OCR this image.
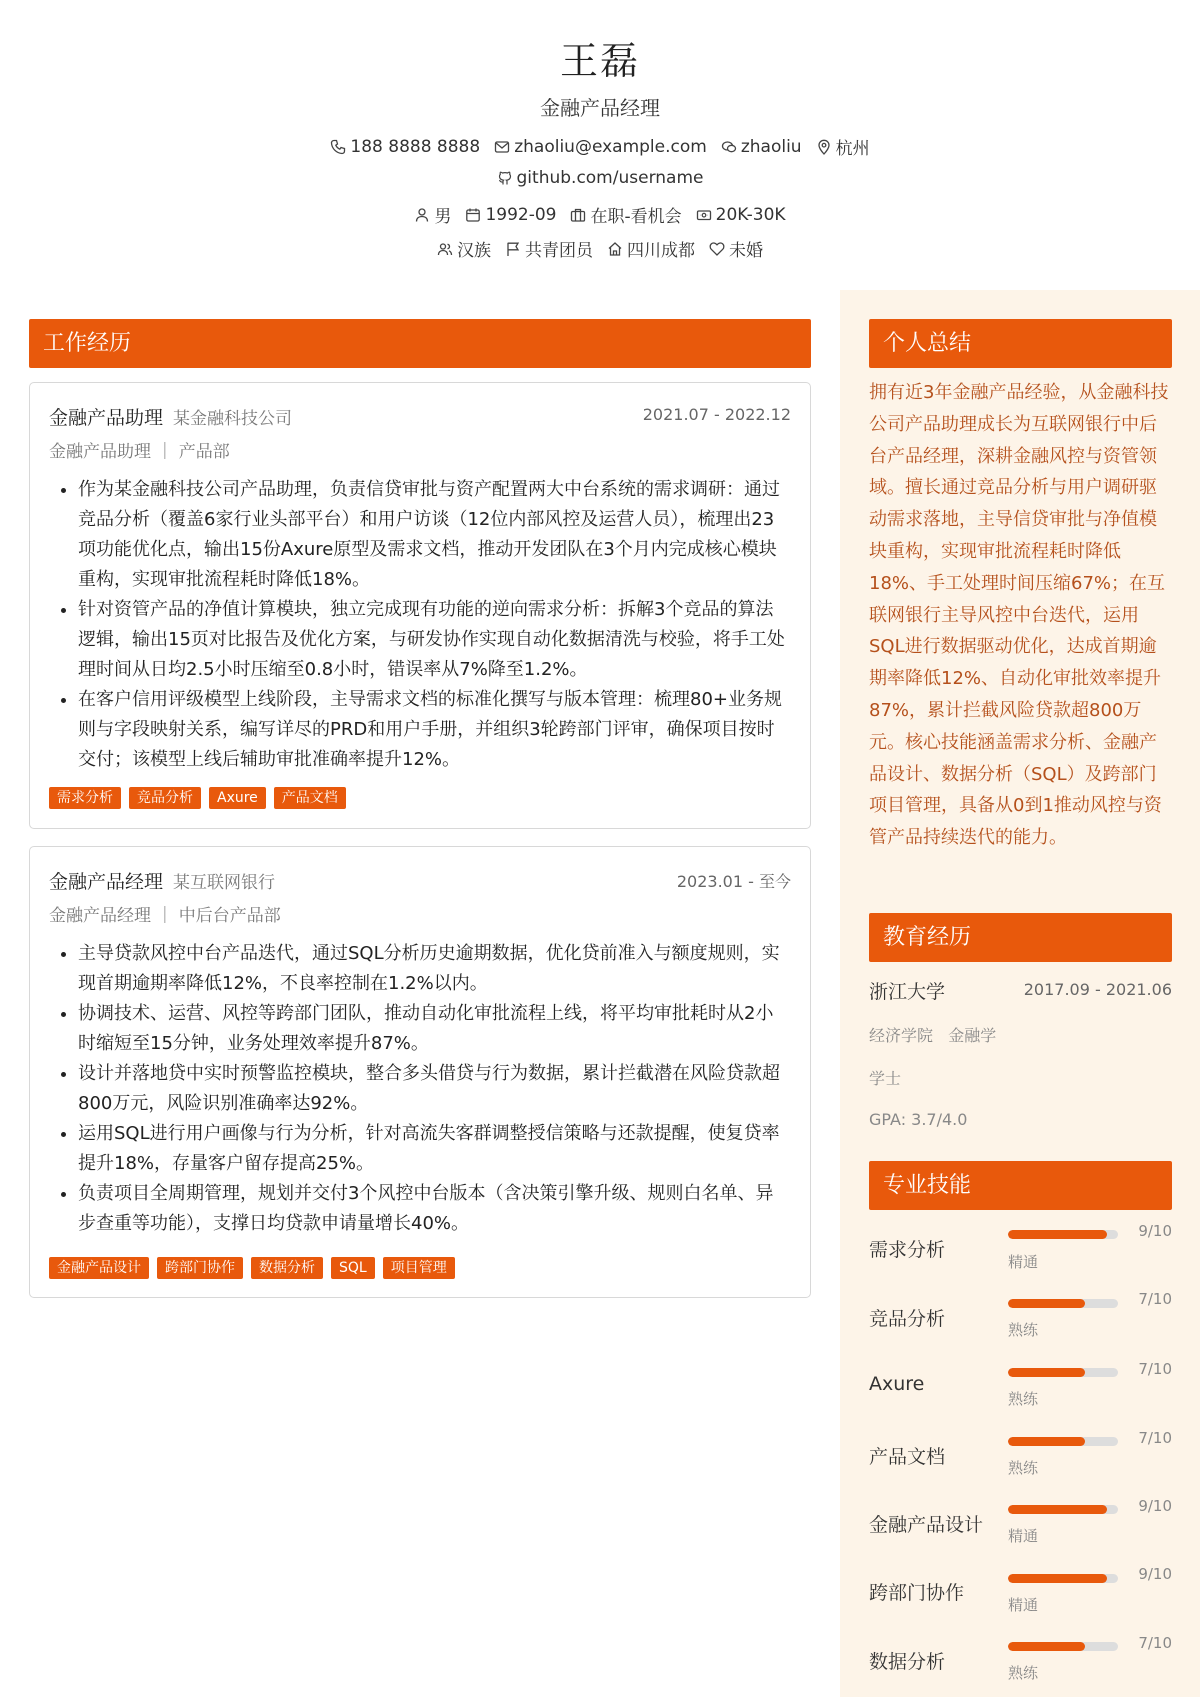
王磊
金融产品经理
188 8888 8888 zhaoliu@example.com zhaoliu 杭州
github.com/username
男 1992-09 在职-看机会 20K-30K
汉族 共青团员 四川成都 未婚
工作经历
金融产品助理 某金融科技公司	2021.07 - 2022.12
金融产品助理 ｜ 产品部
• 作为某金融科技公司产品助理，负责信贷审批与资产配置两大中台系统的需求调研：通过竞品分析（覆盖6家行业头部平台）和用户访谈（12位内部风控及运营人员），梳理出23项功能优化点，输出15份Axure原型及需求文档，推动开发团队在3个月内完成核心模块重构，实现审批流程耗时降低18%。
• 针对资管产品的净值计算模块，独立完成现有功能的逆向需求分析：拆解3个竞品的算法逻辑，输出15页对比报告及优化方案，与研发协作实现自动化数据清洗与校验，将手工处理时间从日均2.5小时压缩至0.8小时，错误率从7%降至1.2%。
• 在客户信用评级模型上线阶段，主导需求文档的标准化撰写与版本管理：梳理80+业务规则与字段映射关系，编写详尽的PRD和用户手册，并组织3轮跨部门评审，确保项目按时交付；该模型上线后辅助审批准确率提升12%。
需求分析	竞品分析	Axure	产品文档
金融产品经理 某互联网银行	2023.01 - 至今
金融产品经理 ｜ 中后台产品部
• 主导贷款风控中台产品迭代，通过SQL分析历史逾期数据，优化贷前准入与额度规则，实现首期逾期率降低12%，不良率控制在1.2%以内。
• 协调技术、运营、风控等跨部门团队，推动自动化审批流程上线，将平均审批耗时从2小时缩短至15分钟，业务处理效率提升87%。
• 设计并落地贷中实时预警监控模块，整合多头借贷与行为数据，累计拦截潜在风险贷款超800万元，风险识别准确率达92%。
• 运用SQL进行用户画像与行为分析，针对高流失客群调整授信策略与还款提醒，使复贷率提升18%，存量客户留存提高25%。
• 负责项目全周期管理，规划并交付3个风控中台版本（含决策引擎升级、规则白名单、异步查重等功能），支撑日均贷款申请量增长40%。
金融产品设计	跨部门协作	数据分析	SQL	项目管理
个人总结
拥有近3年金融产品经验，从金融科技公司产品助理成长为互联网银行中后台产品经理，深耕金融风控与资管领域。擅长通过竞品分析与用户调研驱动需求落地，主导信贷审批与净值模块重构，实现审批流程耗时降低18%、手工处理时间压缩67%；在互联网银行主导风控中台迭代，运用SQL进行数据驱动优化，达成首期逾期率降低12%、自动化审批效率提升87%，累计拦截风险贷款超800万元。核心技能涵盖需求分析、金融产品设计、数据分析（SQL）及跨部门项目管理，具备从0到1推动风控与资管产品持续迭代的能力。
教育经历
浙江大学	2017.09 - 2021.06
经济学院   金融学
学士
GPA: 3.7/4.0
专业技能
需求分析
9/10
精通
竞品分析
7/10
熟练
Axure
7/10
熟练
产品文档
7/10
熟练
金融产品设计
9/10
精通
跨部门协作
9/10
精通
数据分析
7/10
熟练
